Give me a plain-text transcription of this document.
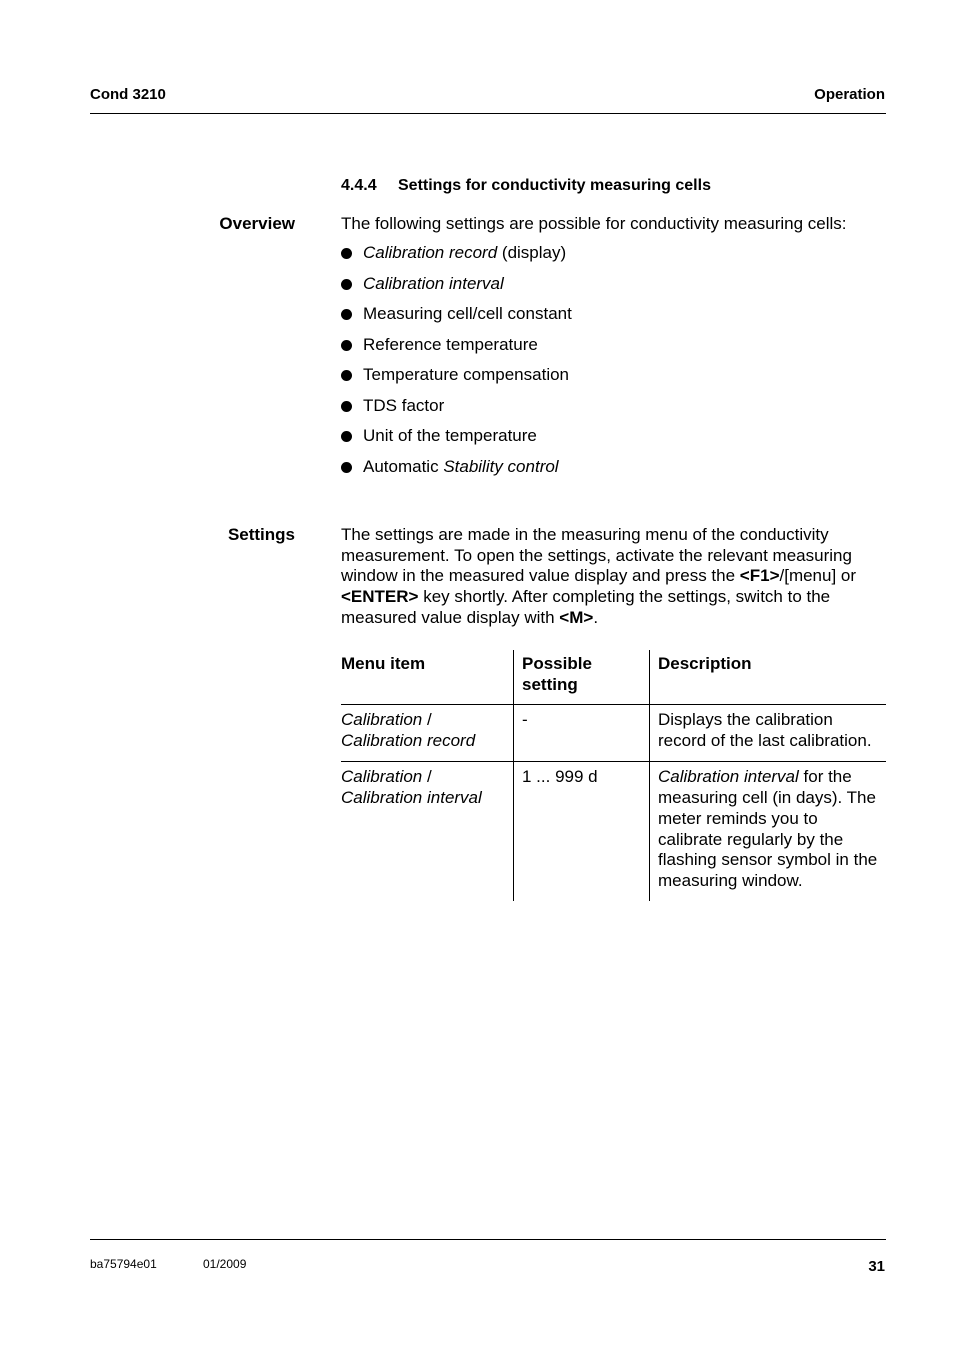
Cond 3210	Operation
4.4.4 Settings for conductivity measuring cells
Overview	The following settings are possible for conductivity measuring cells:
Calibration record (display)
Calibration interval
Measuring cell/cell constant
Reference temperature
Temperature compensation
TDS factor
Unit of the temperature
Automatic Stability control
Settings	The settings are made in the measuring menu of the conductivity measurement. To open the settings, activate the relevant measuring window in the measured value display and press the <F1>/[menu] or <ENTER> key shortly. After completing the settings, switch to the measured value display with <M>.
Menu item	Possible setting	Description
Calibration /
Calibration record	-	Displays the calibration record of the last calibration.
Calibration /
Calibration interval	1 ... 999 d	Calibration interval for the measuring cell (in days). The meter reminds you to calibrate regularly by the flashing sensor symbol in the measuring window.
ba75794e01	01/2009	31
